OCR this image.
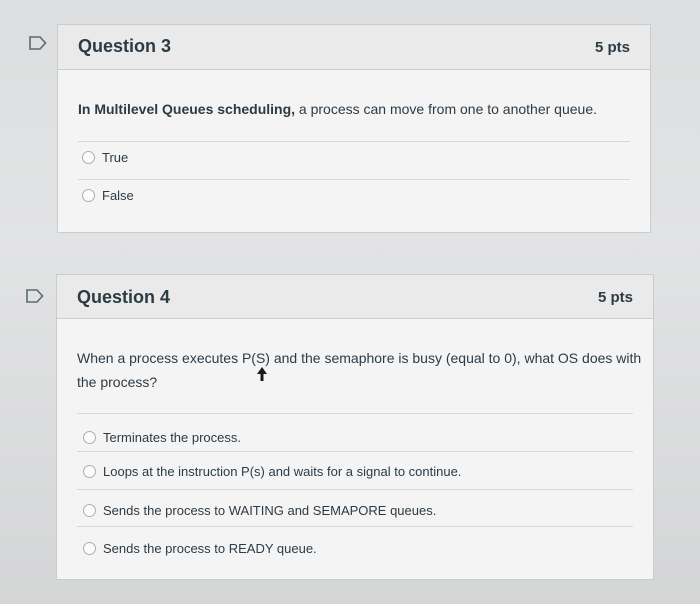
Question 3	5 pts
In Multilevel Queues scheduling, a process can move from one to another queue.
True
False
Question 4	5 pts
When a process executes P(S) and the semaphore is busy (equal to 0), what OS does with the process?
Terminates the process.
Loops at the instruction P(s) and waits for a signal to continue.
Sends the process to WAITING and SEMAPORE queues.
Sends the process to READY queue.
